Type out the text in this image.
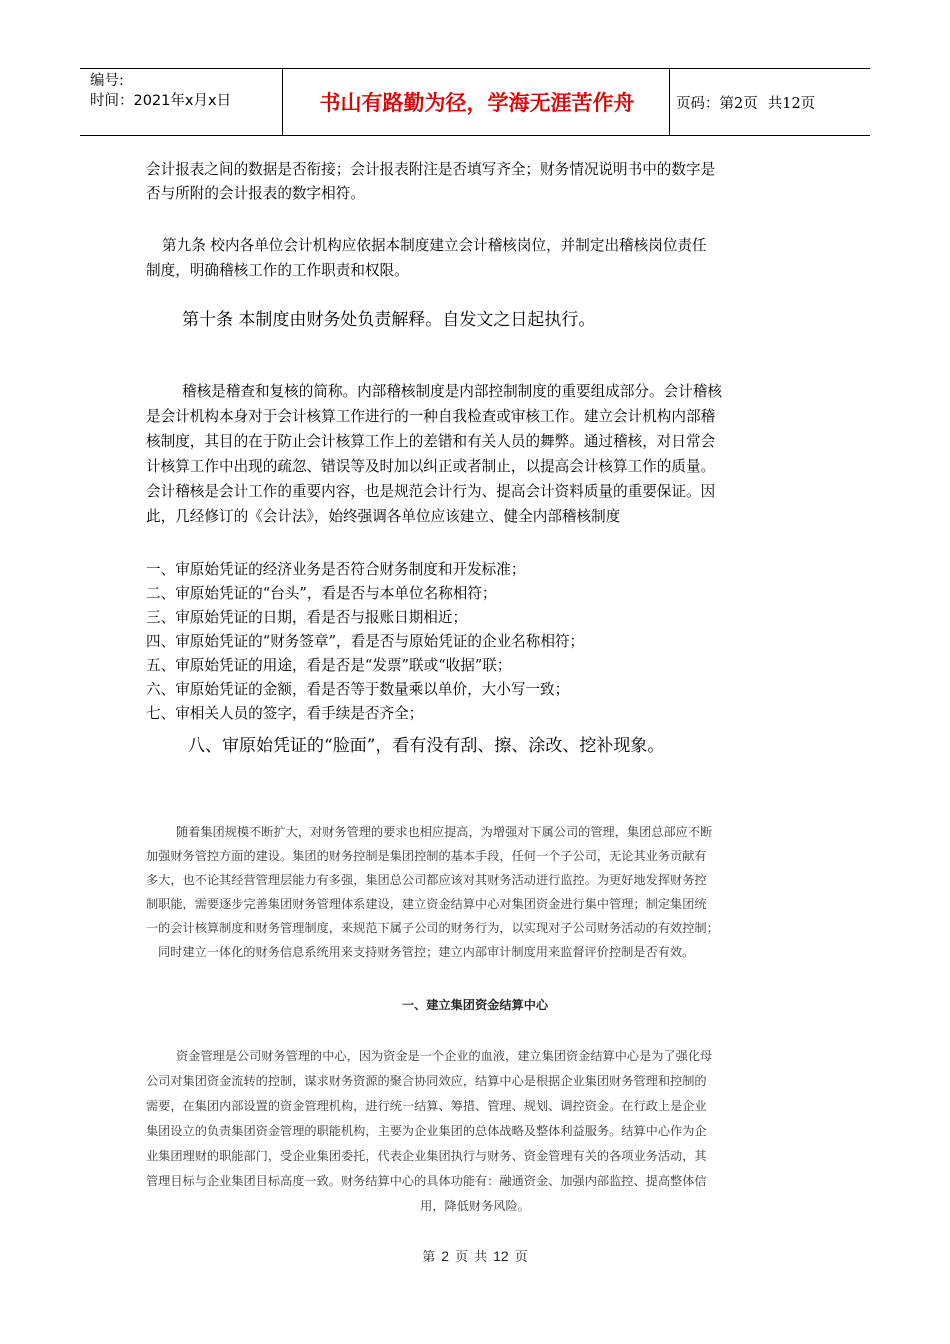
编号:
时间：2021年x月x日	书山有路勤为径，学海无涯苦作舟	页码：第2页 共12页

会计报表之间的数据是否衔接；会计报表附注是否填写齐全；财务情况说明书中的数字是

否与所附的会计报表的数字相符。

第九条 校内各单位会计机构应依据本制度建立会计稽核岗位，并制定出稽核岗位责任

制度，明确稽核工作的工作职责和权限。

第十条 本制度由财务处负责解释。自发文之日起执行。

稽核是稽查和复核的简称。内部稽核制度是内部控制制度的重要组成部分。会计稽核

是会计机构本身对于会计核算工作进行的一种自我检查或审核工作。建立会计机构内部稽

核制度，其目的在于防止会计核算工作上的差错和有关人员的舞弊。通过稽核，对日常会

计核算工作中出现的疏忽、错误等及时加以纠正或者制止，以提高会计核算工作的质量。

会计稽核是会计工作的重要内容，也是规范会计行为、提高会计资料质量的重要保证。因

此，几经修订的《会计法》，始终强调各单位应该建立、健全内部稽核制度

一、审原始凭证的经济业务是否符合财务制度和开发标准；

二、审原始凭证的“台头”，看是否与本单位名称相符；

三、审原始凭证的日期，看是否与报账日期相近；

四、审原始凭证的“财务签章”，看是否与原始凭证的企业名称相符；

五、审原始凭证的用途，看是否是“发票”联或“收据”联；

六、审原始凭证的金额，看是否等于数量乘以单价，大小写一致；

七、审相关人员的签字，看手续是否齐全；

八、审原始凭证的“脸面”，看有没有刮、擦、涂改、挖补现象。

随着集团规模不断扩大，对财务管理的要求也相应提高，为增强对下属公司的管理，集团总部应不断

加强财务管控方面的建设。集团的财务控制是集团控制的基本手段，任何一个子公司，无论其业务贡献有

多大，也不论其经营管理层能力有多强，集团总公司都应该对其财务活动进行监控。为更好地发挥财务控

制职能，需要逐步完善集团财务管理体系建设，建立资金结算中心对集团资金进行集中管理；制定集团统

一的会计核算制度和财务管理制度，来规范下属子公司的财务行为，以实现对子公司财务活动的有效控制；

同时建立一体化的财务信息系统用来支持财务管控；建立内部审计制度用来监督评价控制是否有效。

一、建立集团资金结算中心

资金管理是公司财务管理的中心，因为资金是一个企业的血液，建立集团资金结算中心是为了强化母

公司对集团资金流转的控制，谋求财务资源的聚合协同效应，结算中心是根据企业集团财务管理和控制的

需要，在集团内部设置的资金管理机构，进行统一结算、筹措、管理、规划、调控资金。在行政上是企业

集团设立的负责集团资金管理的职能机构，主要为企业集团的总体战略及整体利益服务。结算中心作为企

业集团理财的职能部门，受企业集团委托，代表企业集团执行与财务、资金管理有关的各项业务活动，其

管理目标与企业集团目标高度一致。财务结算中心的具体功能有：融通资金、加强内部监控、提高整体信

用，降低财务风险。

第 2 页 共 12 页
